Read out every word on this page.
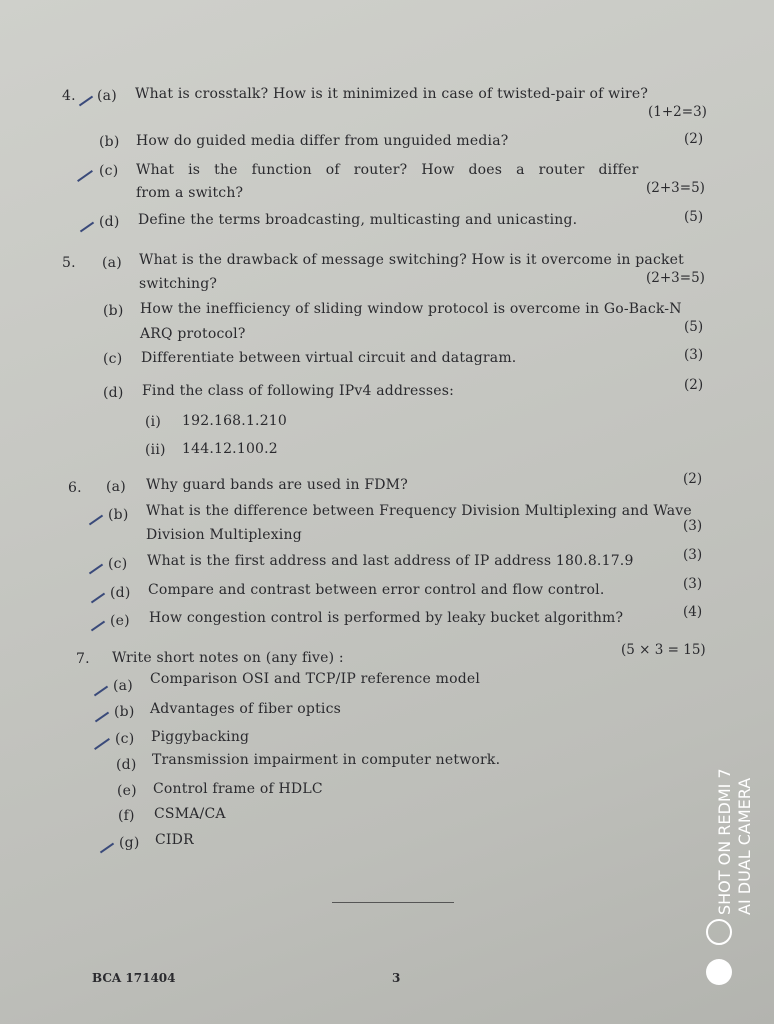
4. (a) What is crosstalk? How is it minimized in case of twisted-pair of wire?
(1+2=3)
(b) How do guided media differ from unguided media?	(2)
(c) What   is   the   function   of   router?   How   does   a   router   differ
from a switch?	(2+3=5)
(d) Define the terms broadcasting, multicasting and unicasting.	(5)
5. (a) What is the drawback of message switching? How is it overcome in packet
switching?	(2+3=5)
(b) How the inefficiency of sliding window protocol is overcome in Go-Back-N
ARQ protocol?	(5)
(c) Differentiate between virtual circuit and datagram.	(3)
(d) Find the class of following IPv4 addresses:	(2)
(i) 192.168.1.210
(ii) 144.12.100.2
6. (a) Why guard bands are used in FDM?	(2)
(b) What is the difference between Frequency Division Multiplexing and Wave
Division Multiplexing
(3)
(c) What is the first address and last address of IP address 180.8.17.9	(3)
(d) Compare and contrast between error control and flow control.	(3)
(e) How congestion control is performed by leaky bucket algorithm?	(4)
7. Write short notes on (any five) :	(5 × 3 = 15)
(a) Comparison OSI and TCP/IP reference model
(b) Advantages of fiber optics
(c) Piggybacking
(d) Transmission impairment in computer network.
(e) Control frame of HDLC
(f) CSMA/CA
(g) CIDR
BCA 171404	3
SHOT ON REDMI 7 AI DUAL CAMERA
